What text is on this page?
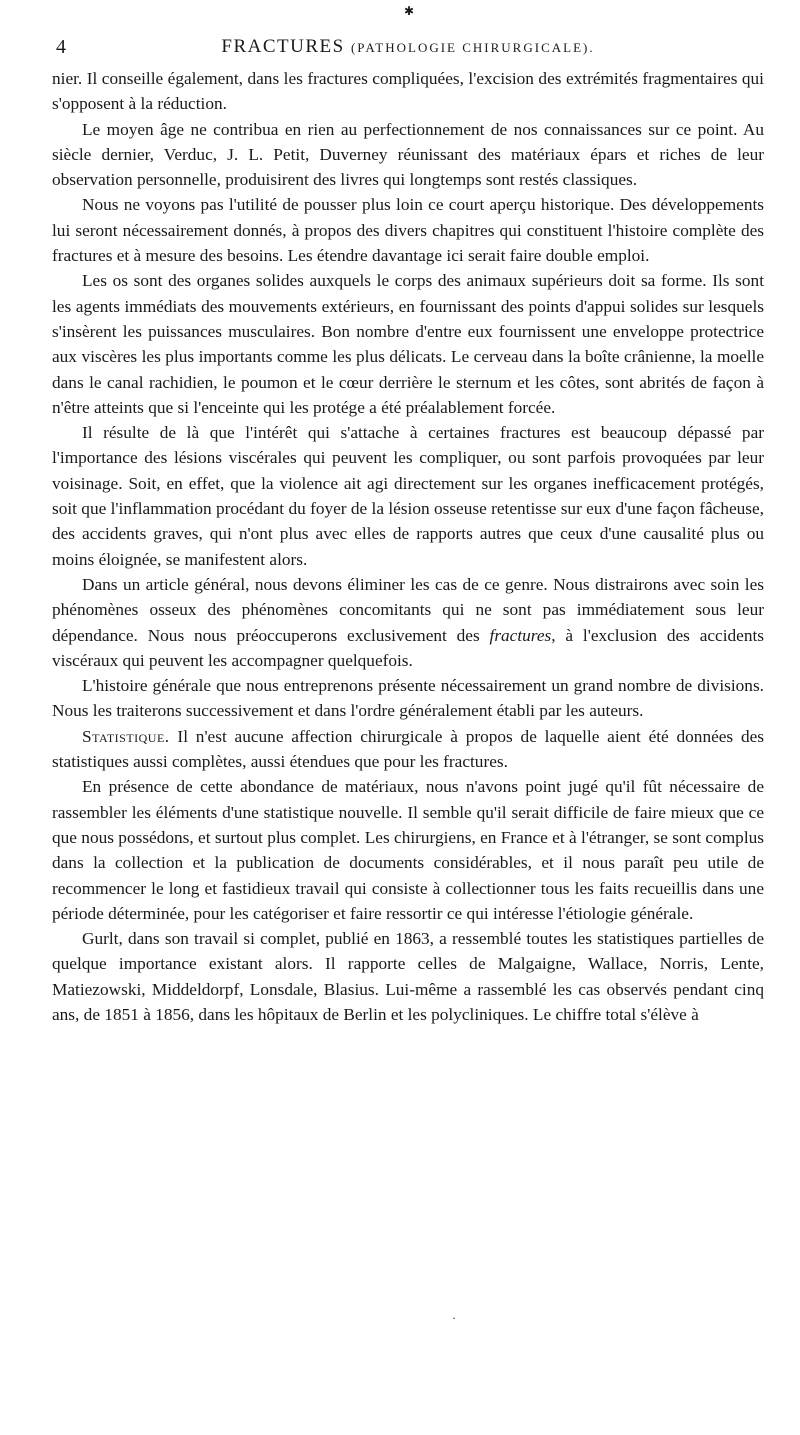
✱
4	FRACTURES (PATHOLOGIE CHIRURGICALE).

nier. Il conseille également, dans les fractures compliquées, l'excision des extrémités fragmentaires qui s'opposent à la réduction.

Le moyen âge ne contribua en rien au perfectionnement de nos connaissances sur ce point. Au siècle dernier, Verduc, J. L. Petit, Duverney réunissant des matériaux épars et riches de leur observation personnelle, produisirent des livres qui longtemps sont restés classiques.

Nous ne voyons pas l'utilité de pousser plus loin ce court aperçu historique. Des développements lui seront nécessairement donnés, à propos des divers chapitres qui constituent l'histoire complète des fractures et à mesure des besoins. Les étendre davantage ici serait faire double emploi.

Les os sont des organes solides auxquels le corps des animaux supérieurs doit sa forme. Ils sont les agents immédiats des mouvements extérieurs, en fournissant des points d'appui solides sur lesquels s'insèrent les puissances musculaires. Bon nombre d'entre eux fournissent une enveloppe protectrice aux viscères les plus importants comme les plus délicats. Le cerveau dans la boîte crânienne, la moelle dans le canal rachidien, le poumon et le cœur derrière le sternum et les côtes, sont abrités de façon à n'être atteints que si l'enceinte qui les protége a été préalablement forcée.

Il résulte de là que l'intérêt qui s'attache à certaines fractures est beaucoup dépassé par l'importance des lésions viscérales qui peuvent les compliquer, ou sont parfois provoquées par leur voisinage. Soit, en effet, que la violence ait agi directement sur les organes inefficacement protégés, soit que l'inflammation procédant du foyer de la lésion osseuse retentisse sur eux d'une façon fâcheuse, des accidents graves, qui n'ont plus avec elles de rapports autres que ceux d'une causalité plus ou moins éloignée, se manifestent alors.

Dans un article général, nous devons éliminer les cas de ce genre. Nous distrairons avec soin les phénomènes osseux des phénomènes concomitants qui ne sont pas immédiatement sous leur dépendance. Nous nous préoccuperons exclusivement des fractures, à l'exclusion des accidents viscéraux qui peuvent les accompagner quelquefois.

L'histoire générale que nous entreprenons présente nécessairement un grand nombre de divisions. Nous les traiterons successivement et dans l'ordre généralement établi par les auteurs.

Statistique. Il n'est aucune affection chirurgicale à propos de laquelle aient été données des statistiques aussi complètes, aussi étendues que pour les fractures.

En présence de cette abondance de matériaux, nous n'avons point jugé qu'il fût nécessaire de rassembler les éléments d'une statistique nouvelle. Il semble qu'il serait difficile de faire mieux que ce que nous possédons, et surtout plus complet. Les chirurgiens, en France et à l'étranger, se sont complus dans la collection et la publication de documents considérables, et il nous paraît peu utile de recommencer le long et fastidieux travail qui consiste à collectionner tous les faits recueillis dans une période déterminée, pour les catégoriser et faire ressortir ce qui intéresse l'étiologie générale.

Gurlt, dans son travail si complet, publié en 1863, a ressemblé toutes les statistiques partielles de quelque importance existant alors. Il rapporte celles de Malgaigne, Wallace, Norris, Lente, Matiezowski, Middeldorpf, Lonsdale, Blasius. Lui-même a rassemblé les cas observés pendant cinq ans, de 1851 à 1856, dans les hôpitaux de Berlin et les polycliniques. Le chiffre total s'élève à

·
